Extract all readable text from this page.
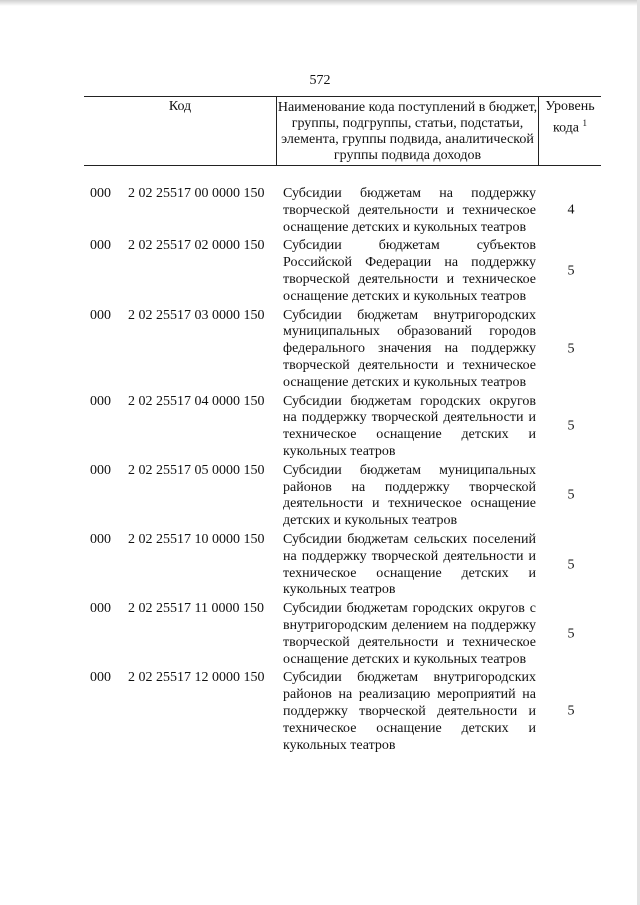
572
Код	Наименование кода поступлений в бюджет, группы, подгруппы, статьи, подстатьи, элемента, группы подвида, аналитической группы подвида доходов
Уровень кода $^1$
000 2 02 25517 00 0000 150 Субсидии бюджетам на поддержку творческой деятельности и техническое оснащение детских и кукольных театров
4
000 2 02 25517 02 0000 150 Субсидии бюджетам субъектов Российской Федерации на поддержку творческой деятельности и техническое оснащение детских и кукольных театров
5
000 2 02 25517 03 0000 150 Субсидии бюджетам внутригородских муниципальных образований городов федерального значения на поддержку творческой деятельности и техническое оснащение детских и кукольных театров
5
000 2 02 25517 04 0000 150 Субсидии бюджетам городских округов на поддержку творческой деятельности и техническое оснащение детских и кукольных театров
5
000 2 02 25517 05 0000 150 Субсидии бюджетам муниципальных районов на поддержку творческой деятельности и техническое оснащение детских и кукольных театров
5
000 2 02 25517 10 0000 150 Субсидии бюджетам сельских поселений на поддержку творческой деятельности и техническое оснащение детских и кукольных театров
5
000 2 02 25517 11 0000 150 Субсидии бюджетам городских округов с внутригородским делением на поддержку творческой деятельности и техническое оснащение детских и кукольных театров
5
000 2 02 25517 12 0000 150 Субсидии бюджетам внутригородских районов на реализацию мероприятий на поддержку творческой деятельности и техническое оснащение детских и кукольных театров
5
